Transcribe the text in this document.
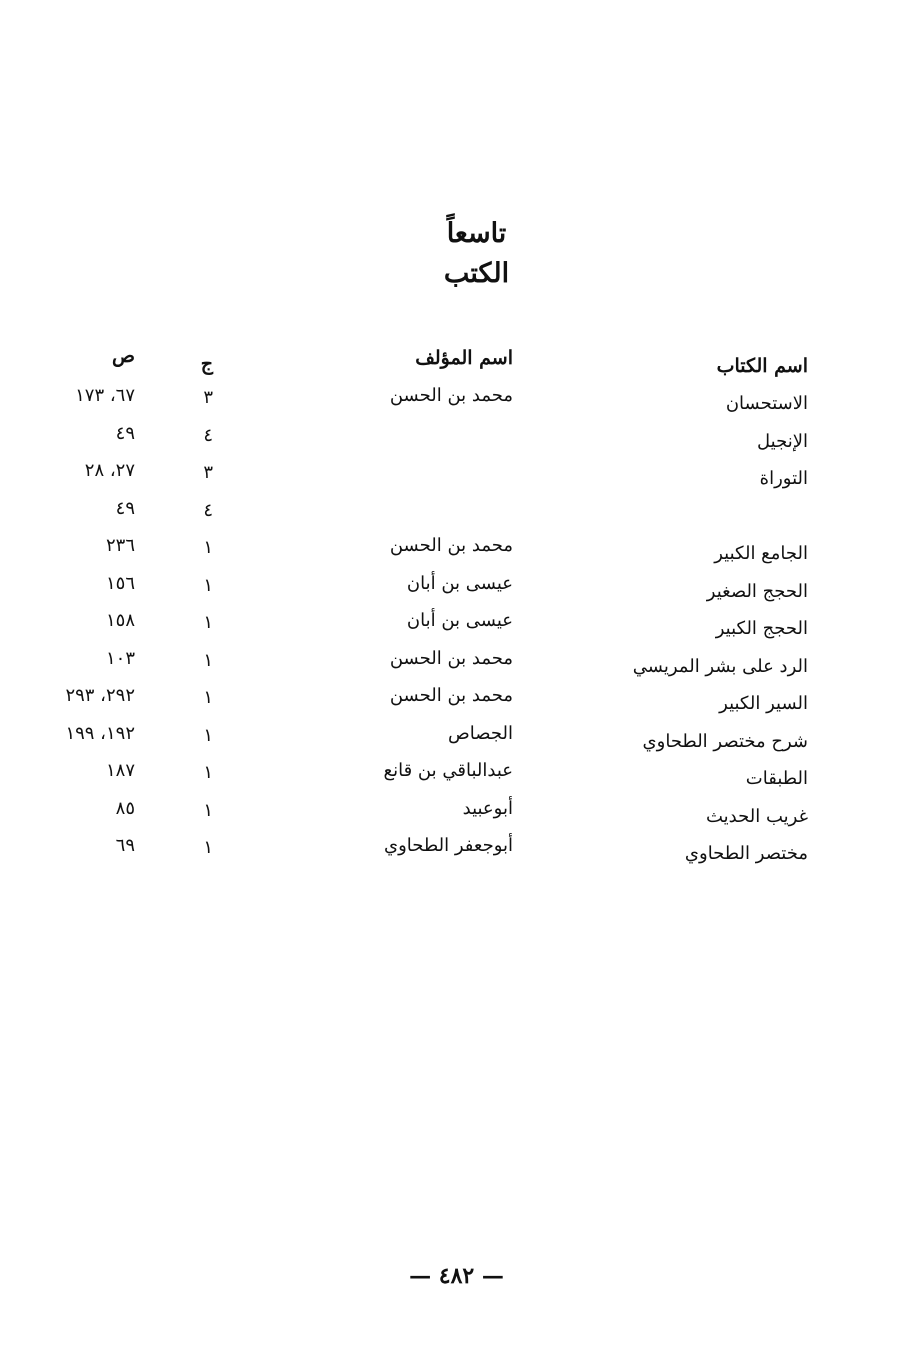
تاسعاً
الكتب
اسم الكتاب
اسم المؤلف
ج
ص
الاستحسان
محمد بن الحسن
٣
٦٧، ١٧٣
الإنجيل
٤
٤٩
التوراة
٣
٢٧، ٢٨
٤
٤٩
الجامع الكبير
محمد بن الحسن
١
٢٣٦
الحجج الصغير
عيسى بن أبان
١
١٥٦
الحجج الكبير
عيسى بن أبان
١
١٥٨
الرد على بشر المريسي
محمد بن الحسن
١
١٠٣
السير الكبير
محمد بن الحسن
١
٢٩٢، ٢٩٣
شرح مختصر الطحاوي
الجصاص
١
١٩٢، ١٩٩
الطبقات
عبدالباقي بن قانع
١
١٨٧
غريب الحديث
أبوعبيد
١
٨٥
مختصر الطحاوي
أبوجعفر الطحاوي
١
٦٩
— ٤٨٢ —
